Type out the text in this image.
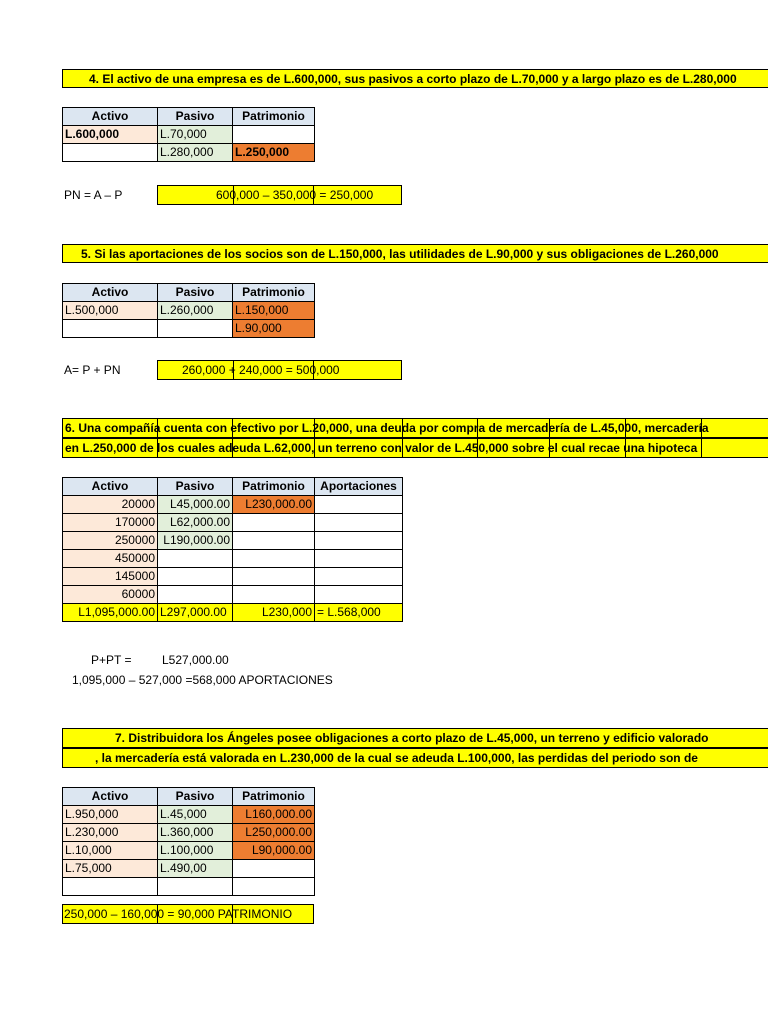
4. El activo de una empresa es de L.600,000, sus pasivos a corto plazo de L.70,000 y a largo plazo es de L.280,000
Activo	Pasivo	Patrimonio
L.600,000	L.70,000	
	L.280,000	L.250,000
PN = A – P	600,000 – 350,000 = 250,000
5. Si las aportaciones de los socios son de L.150,000, las utilidades de L.90,000 y sus obligaciones de L.260,000
Activo	Pasivo	Patrimonio
L.500,000	L.260,000	L.150,000
		L.90,000
A= P + PN	260,000 + 240,000 = 500,000
6. Una compañía cuenta con efectivo por L.20,000, una deuda por compra de mercadería de L.45,000, mercadería
en L.250,000 de los cuales adeuda L.62,000, un terreno con valor de L.450,000 sobre el cual recae una hipoteca
Activo	Pasivo	Patrimonio	Aportaciones
20000	L45,000.00	L230,000.00	
170000	L62,000.00		
250000	L190,000.00		
450000			
145000			
60000			
L1,095,000.00	L297,000.00	L230,000	= L.568,000
P+PT =	L527,000.00
1,095,000 – 527,000 =568,000 APORTACIONES
7. Distribuidora los Ángeles posee obligaciones a corto plazo de L.45,000, un terreno y edificio valorado
, la mercadería está valorada en L.230,000 de la cual se adeuda L.100,000, las perdidas del periodo son de
Activo	Pasivo	Patrimonio
L.950,000	L.45,000	L160,000.00
L.230,000	L.360,000	L250,000.00
L.10,000	L.100,000	L90,000.00
L.75,000	L.490,00	

250,000 – 160,000 = 90,000 PATRIMONIO
